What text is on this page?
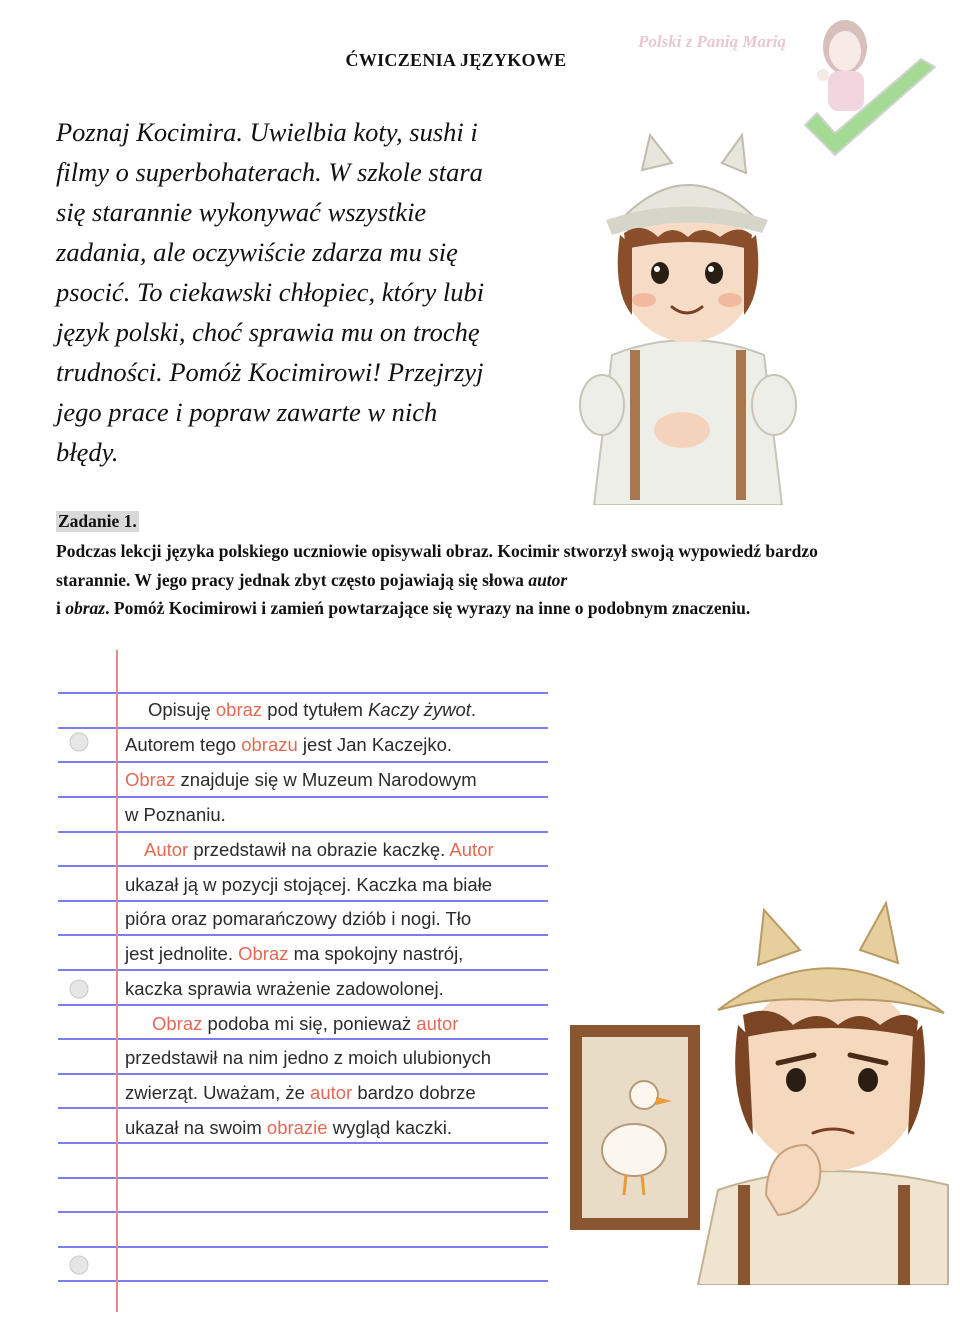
ĆWICZENIA JĘZYKOWE
Polski z Panią Marią
Poznaj Kocimira. Uwielbia koty, sushi i
filmy o superbohaterach. W szkole stara
się starannie wykonywać wszystkie
zadania, ale oczywiście zdarza mu się
psocić. To ciekawski chłopiec, który lubi
język polski, choć sprawia mu on trochę
trudności. Pomóż Kocimirowi! Przejrzyj
jego prace i popraw zawarte w nich
błędy.
Zadanie 1.
Podczas lekcji języka polskiego uczniowie opisywali obraz. Kocimir stworzył swoją wypowiedź bardzo starannie. W jego pracy jednak zbyt często pojawiają się słowa autor
i obraz. Pomóż Kocimirowi i zamień powtarzające się wyrazy na inne o podobnym znaczeniu.
Opisuję obraz pod tytułem Kaczy żywot.
Autorem tego obrazu jest Jan Kaczejko.
Obraz znajduje się w Muzeum Narodowym
w Poznaniu.
Autor przedstawił na obrazie kaczkę. Autor
ukazał ją w pozycji stojącej. Kaczka ma białe
pióra oraz pomarańczowy dziób i nogi. Tło
jest jednolite. Obraz ma spokojny nastrój,
kaczka sprawia wrażenie zadowolonej.
Obraz podoba mi się, ponieważ autor
przedstawił na nim jedno z moich ulubionych
zwierząt. Uważam, że autor bardzo dobrze
ukazał na swoim obrazie wygląd kaczki.
